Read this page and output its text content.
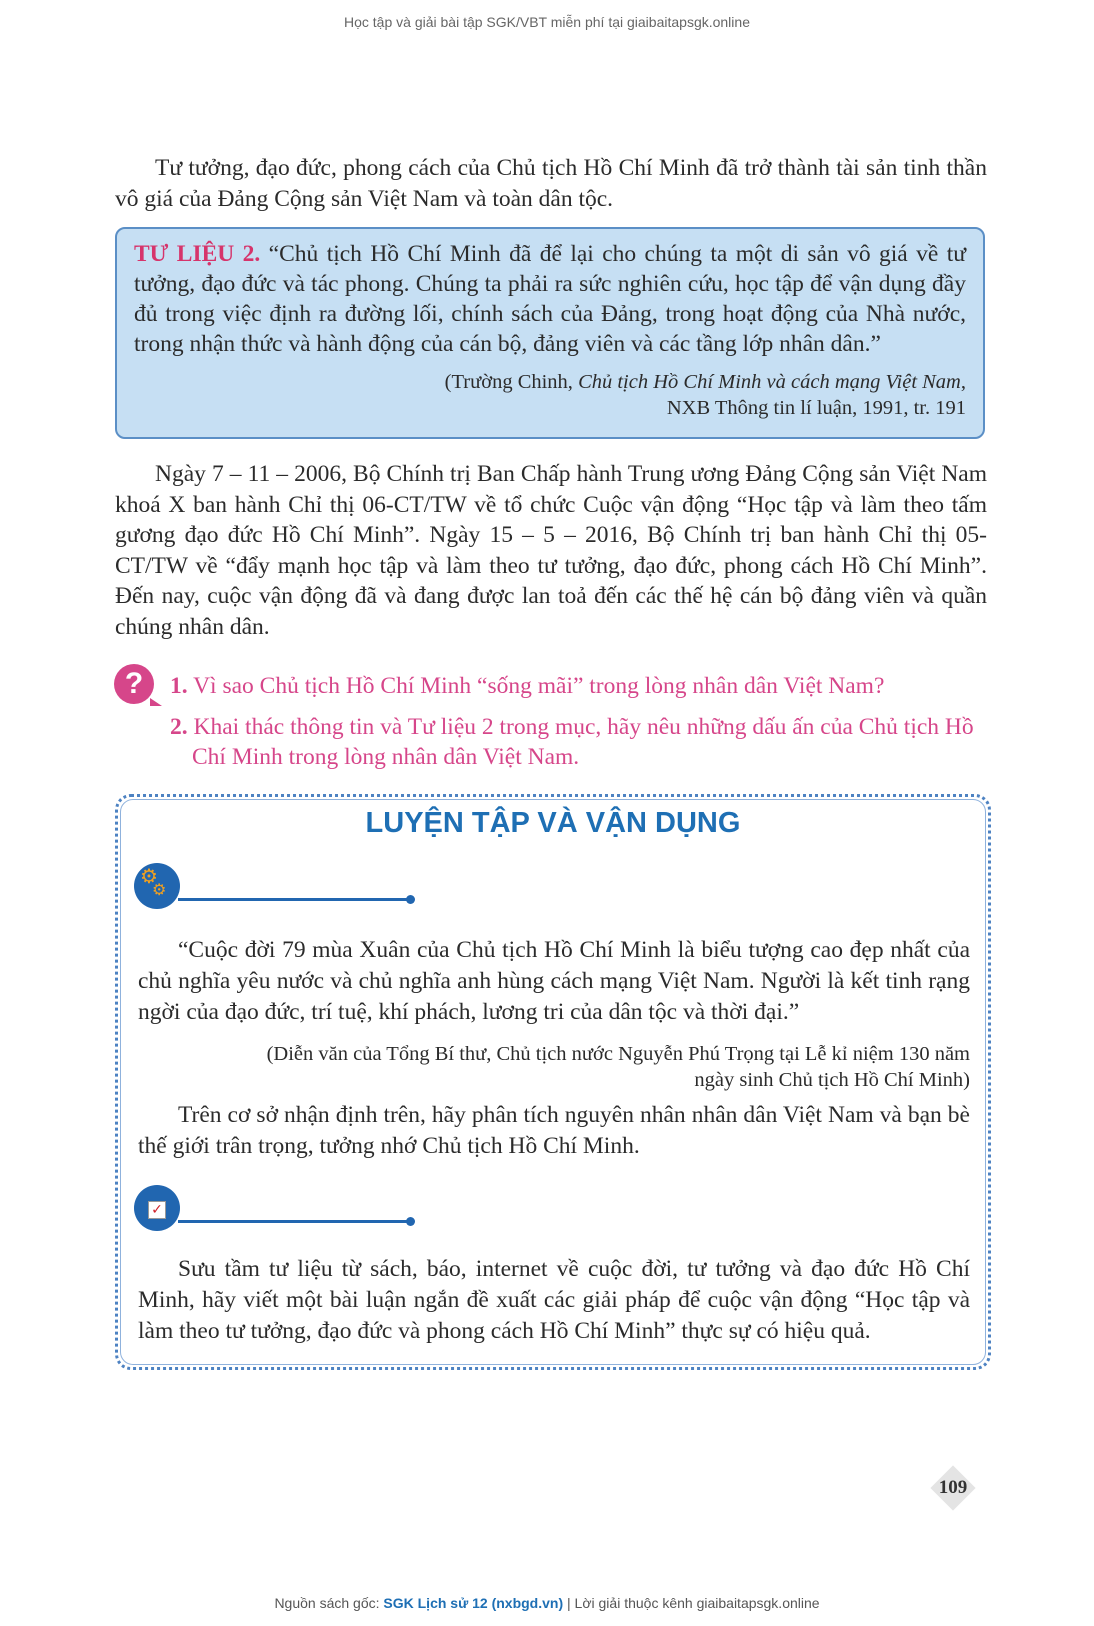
Học tập và giải bài tập SGK/VBT miễn phí tại giaibaitapsgk.online

Tư tưởng, đạo đức, phong cách của Chủ tịch Hồ Chí Minh đã trở thành tài sản tinh thần vô giá của Đảng Cộng sản Việt Nam và toàn dân tộc.

TƯ LIỆU 2. “Chủ tịch Hồ Chí Minh đã để lại cho chúng ta một di sản vô giá về tư tưởng, đạo đức và tác phong. Chúng ta phải ra sức nghiên cứu, học tập để vận dụng đầy đủ trong việc định ra đường lối, chính sách của Đảng, trong hoạt động của Nhà nước, trong nhận thức và hành động của cán bộ, đảng viên và các tầng lớp nhân dân.”

(Trường Chinh, Chủ tịch Hồ Chí Minh và cách mạng Việt Nam,
NXB Thông tin lí luận, 1991, tr. 191

Ngày 7 – 11 – 2006, Bộ Chính trị Ban Chấp hành Trung ương Đảng Cộng sản Việt Nam khoá X ban hành Chỉ thị 06-CT/TW về tổ chức Cuộc vận động “Học tập và làm theo tấm gương đạo đức Hồ Chí Minh”. Ngày 15 – 5 – 2016, Bộ Chính trị ban hành Chỉ thị 05-CT/TW về “đẩy mạnh học tập và làm theo tư tưởng, đạo đức, phong cách Hồ Chí Minh”. Đến nay, cuộc vận động đã và đang được lan toả đến các thế hệ cán bộ đảng viên và quần chúng nhân dân.

?	1. Vì sao Chủ tịch Hồ Chí Minh “sống mãi” trong lòng nhân dân Việt Nam?
2. Khai thác thông tin và Tư liệu 2 trong mục, hãy nêu những dấu ấn của Chủ tịch Hồ Chí Minh trong lòng nhân dân Việt Nam.
LUYỆN TẬP VÀ VẬN DỤNG
⚙
⚙

“Cuộc đời 79 mùa Xuân của Chủ tịch Hồ Chí Minh là biểu tượng cao đẹp nhất của chủ nghĩa yêu nước và chủ nghĩa anh hùng cách mạng Việt Nam. Người là kết tinh rạng ngời của đạo đức, trí tuệ, khí phách, lương tri của dân tộc và thời đại.”

(Diễn văn của Tổng Bí thư, Chủ tịch nước Nguyễn Phú Trọng tại Lễ kỉ niệm 130 năm
ngày sinh Chủ tịch Hồ Chí Minh)

Trên cơ sở nhận định trên, hãy phân tích nguyên nhân nhân dân Việt Nam và bạn bè thế giới trân trọng, tưởng nhớ Chủ tịch Hồ Chí Minh.

✓

Sưu tầm tư liệu từ sách, báo, internet về cuộc đời, tư tưởng và đạo đức Hồ Chí Minh, hãy viết một bài luận ngắn đề xuất các giải pháp để cuộc vận động “Học tập và làm theo tư tưởng, đạo đức và phong cách Hồ Chí Minh” thực sự có hiệu quả.

109
Nguồn sách gốc: SGK Lịch sử 12 (nxbgd.vn) | Lời giải thuộc kênh giaibaitapsgk.online
